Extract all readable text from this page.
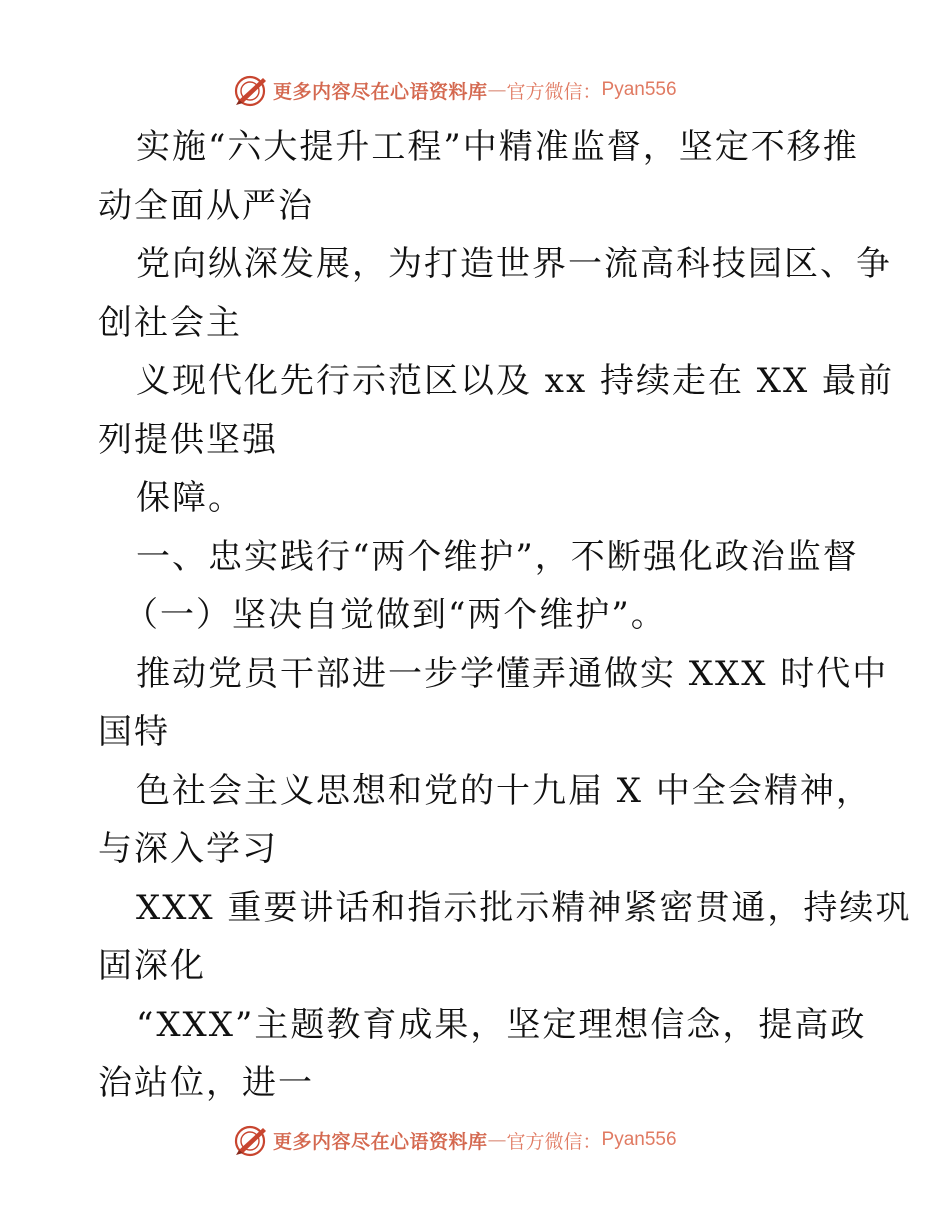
更多内容尽在心语资料库 — 官方微信： Pyan556
实施“六大提升工程”中精准监督，坚定不移推
动全面从严治
党向纵深发展，为打造世界一流高科技园区、争
创社会主
义现代化先行示范区以及 xx 持续走在 XX 最前
列提供坚强
保障。
一、忠实践行“两个维护”，不断强化政治监督
（一）坚决自觉做到“两个维护”。
推动党员干部进一步学懂弄通做实 XXX 时代中
国特
色社会主义思想和党的十九届 X 中全会精神，
与深入学习
XXX 重要讲话和指示批示精神紧密贯通，持续巩
固深化
“XXX”主题教育成果，坚定理想信念，提高政
治站位，进一
更多内容尽在心语资料库 — 官方微信： Pyan556
